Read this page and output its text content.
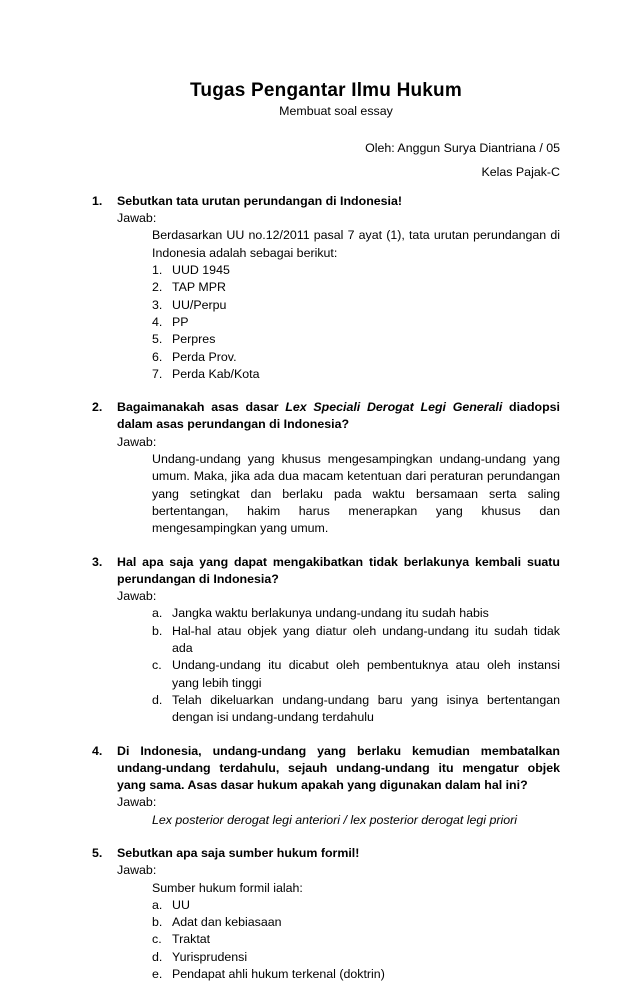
Tugas Pengantar Ilmu Hukum
Membuat soal essay
Oleh: Anggun Surya Diantriana / 05
Kelas Pajak-C
1. Sebutkan tata urutan perundangan di Indonesia!
Jawab:

Berdasarkan UU no.12/2011 pasal 7 ayat (1), tata urutan perundangan di Indonesia adalah sebagai berikut:

1. UUD 1945
2. TAP MPR
3. UU/Perpu
4. PP
5. Perpres
6. Perda Prov.
7. Perda Kab/Kota
2. Bagaimanakah asas dasar Lex Speciali Derogat Legi Generali diadopsi dalam asas perundangan di Indonesia?
Jawab:

Undang-undang yang khusus mengesampingkan undang-undang yang umum. Maka, jika ada dua macam ketentuan dari peraturan perundangan yang setingkat dan berlaku pada waktu bersamaan serta saling bertentangan, hakim harus menerapkan yang khusus dan mengesampingkan yang umum.

3. Hal apa saja yang dapat mengakibatkan tidak berlakunya kembali suatu perundangan di Indonesia?
Jawab:
a. Jangka waktu berlakunya undang-undang itu sudah habis
b. Hal-hal atau objek yang diatur oleh undang-undang itu sudah tidak ada
c. Undang-undang itu dicabut oleh pembentuknya atau oleh instansi yang lebih tinggi
d. Telah dikeluarkan undang-undang baru yang isinya bertentangan dengan isi undang-undang terdahulu
4. Di Indonesia, undang-undang yang berlaku kemudian membatalkan undang-undang terdahulu, sejauh undang-undang itu mengatur objek yang sama. Asas dasar hukum apakah yang digunakan dalam hal ini?
Jawab:

Lex posterior derogat legi anteriori / lex posterior derogat legi priori

5. Sebutkan apa saja sumber hukum formil!
Jawab:

Sumber hukum formil ialah:

a. UU
b. Adat dan kebiasaan
c. Traktat
d. Yurisprudensi
e. Pendapat ahli hukum terkenal (doktrin)
